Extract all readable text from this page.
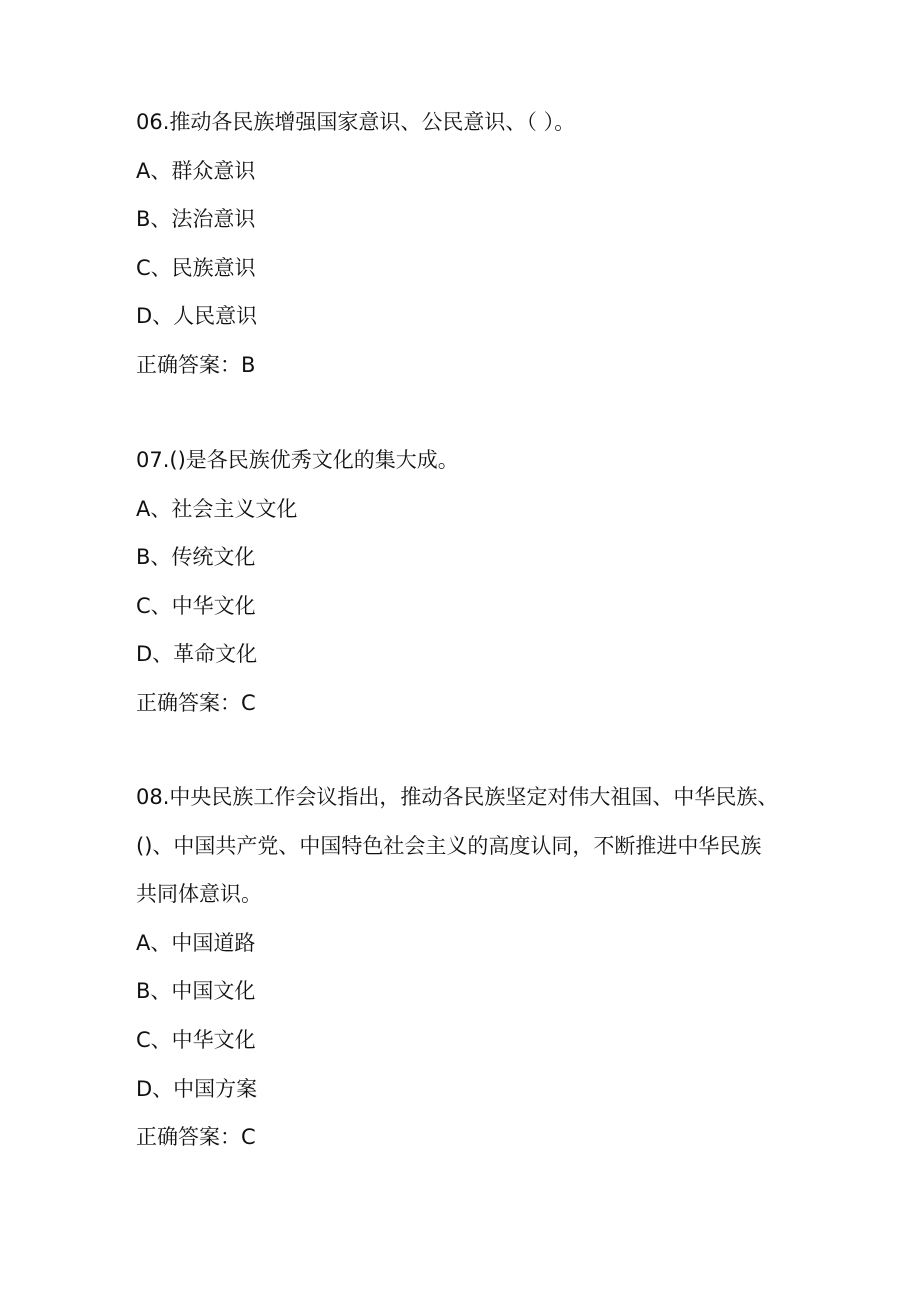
06.推动各民族增强国家意识、公民意识、（ ）。
A、群众意识
B、法治意识
C、民族意识
D、人民意识
正确答案：B
07.()是各民族优秀文化的集大成。
A、社会主义文化
B、传统文化
C、中华文化
D、革命文化
正确答案：C
08.中央民族工作会议指出，推动各民族坚定对伟大祖国、中华民族、
()、中国共产党、中国特色社会主义的高度认同，不断推进中华民族
共同体意识。
A、中国道路
B、中国文化
C、中华文化
D、中国方案
正确答案：C
